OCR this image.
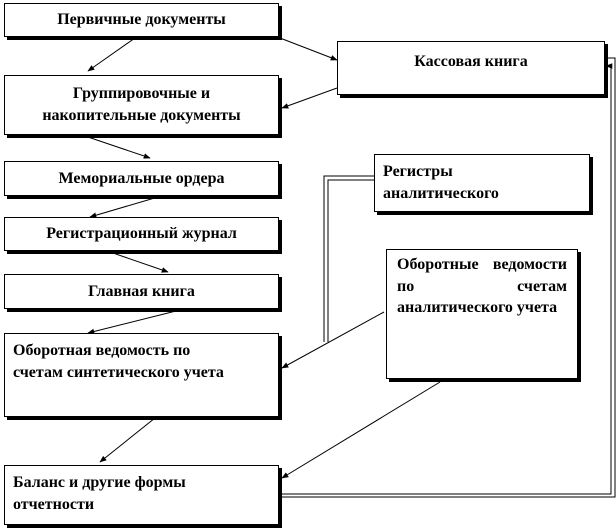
Первичные документы
Кассовая книга
Группировочные и накопительные документы
Мемориальные ордера
Регистрационный журнал
Главная книга
Оборотная ведомость по счетам синтетического учета
Регистры аналитического
Оборотные ведомости по счетам аналитического учета
Баланс и другие формы отчетности
